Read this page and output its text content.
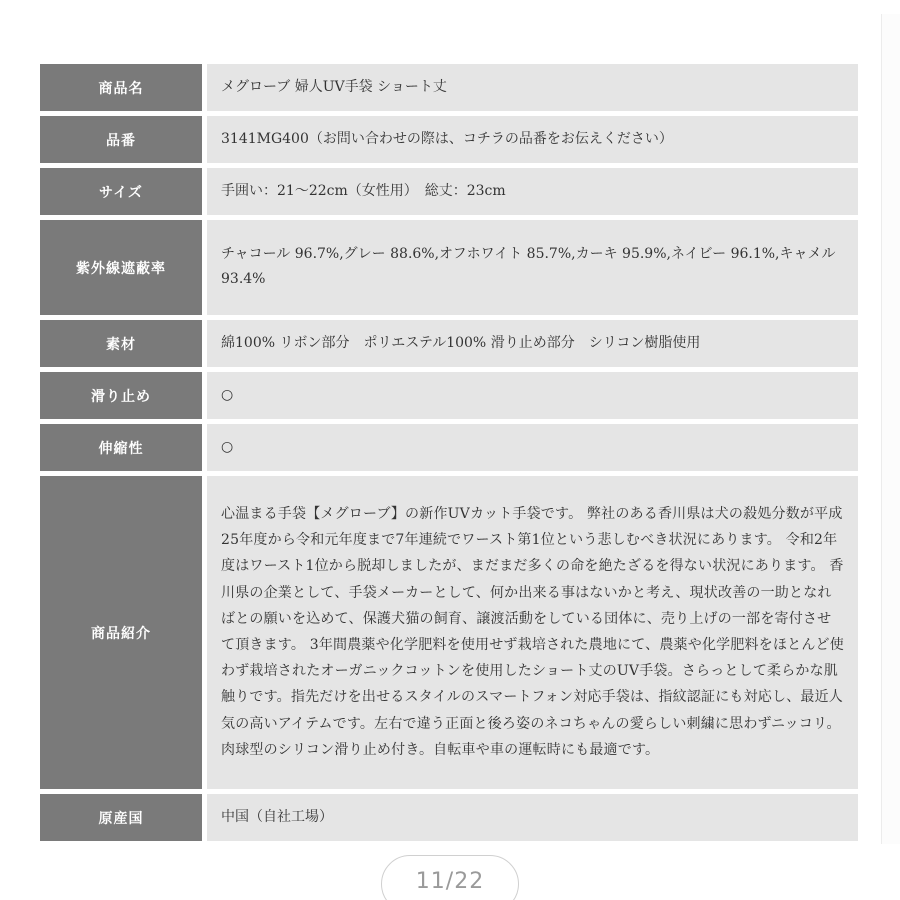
商品名	メグローブ 婦人UV手袋 ショート丈
品番	3141MG400（お問い合わせの際は、コチラの品番をお伝えください）
サイズ	手囲い：21〜22cm（女性用）　総丈：23cm
紫外線遮蔽率	チャコール 96.7%,グレー 88.6%,オフホワイト 85.7%,カーキ 95.9%,ネイビー 96.1%,キャメル 93.4%
素材	綿100% リボン部分　ポリエステル100% 滑り止め部分　シリコン樹脂使用
滑り止め	○
伸縮性	○
商品紹介	心温まる手袋【メグローブ】の新作UVカット手袋です。 弊社のある香川県は犬の殺処分数が平成25年度から令和元年度まで7年連続でワースト第1位という悲しむべき状況にあります。 令和2年度はワースト1位から脱却しましたが、まだまだ多くの命を絶たざるを得ない状況にあります。 香川県の企業として、手袋メーカーとして、何か出来る事はないかと考え、現状改善の一助となればとの願いを込めて、保護犬猫の飼育、譲渡活動をしている団体に、売り上げの一部を寄付させて頂きます。 3年間農薬や化学肥料を使用せず栽培された農地にて、農薬や化学肥料をほとんど使わず栽培されたオーガニックコットンを使用したショート丈のUV手袋。さらっとして柔らかな肌触りです。指先だけを出せるスタイルのスマートフォン対応手袋は、指紋認証にも対応し、最近人気の高いアイテムです。左右で違う正面と後ろ姿のネコちゃんの愛らしい刺繍に思わずニッコリ。肉球型のシリコン滑り止め付き。自転車や車の運転時にも最適です。

原産国	中国（自社工場）
11/22
